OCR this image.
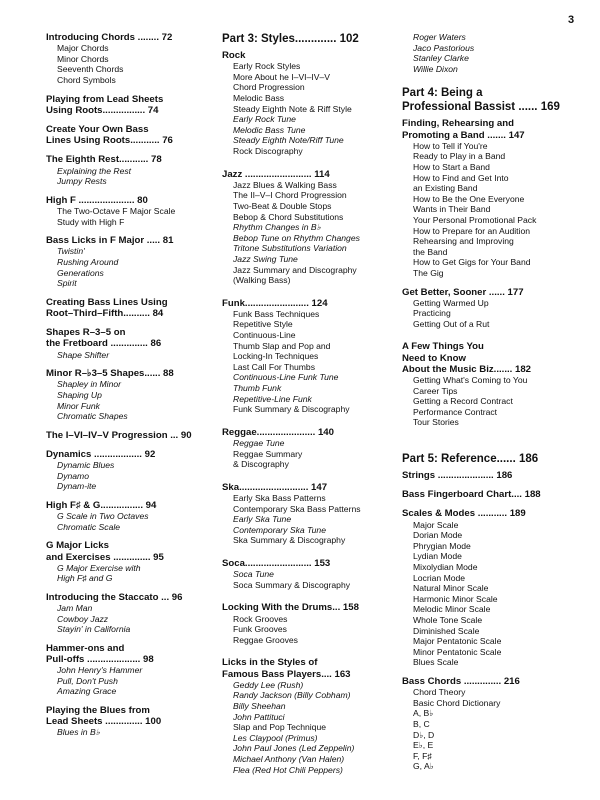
3
Introducing Chords ........ 72
Major Chords
Minor Chords
Seeventh Chords
Chord Symbols
Playing from Lead Sheets
Using Roots................ 74
Create Your Own Bass
Lines Using Roots........... 76
The Eighth Rest........... 78
Explaining the Rest
Jumpy Rests
High F ..................... 80
The Two-Octave F Major Scale
Study with High F
Bass Licks in F Major ..... 81
Twistin'
Rushing Around
Generations
Spirit
Creating Bass Lines Using
Root–Third–Fifth.......... 84
Shapes R–3–5 on
the Fretboard .............. 86
Shape Shifter
Minor R–♭3–5 Shapes...... 88
Shapley in Minor
Shaping Up
Minor Funk
Chromatic Shapes
The I–VI–IV–V Progression ... 90
Dynamics .................. 92
Dynamic Blues
Dynamo
Dynam-ite
High F♯ & G................ 94
G Scale in Two Octaves
Chromatic Scale
G Major Licks
and Exercises .............. 95
G Major Exercise with
High F♯ and G
Introducing the Staccato ... 96
Jam Man
Cowboy Jazz
Stayin' in California
Hammer-ons and
Pull-offs .................... 98
John Henry's Hammer
Pull, Don't Push
Amazing Grace
Playing the Blues from
Lead Sheets .............. 100
Blues in B♭
Part 3: Styles............. 102
Rock
Early Rock Styles
More About he I–VI–IV–V
Chord Progression
Melodic Bass
Steady Eighth Note & Riff Style
Early Rock Tune
Melodic Bass Tune
Steady Eighth Note/Riff Tune
Rock Discography
Jazz ......................... 114
Jazz Blues & Walking Bass
The II–V–I Chord Progression
Two-Beat & Double Stops
Bebop & Chord Substitutions
Rhythm Changes in B♭
Bebop Tune on Rhythm Changes
Tritone Substitutions Variation
Jazz Swing Tune
Jazz Summary and Discography
(Walking Bass)
Funk........................ 124
Funk Bass Techniques
Repetitive Style
Continuous-Line
Thumb Slap and Pop and
Locking-In Techniques
Last Call For Thumbs
Continuous-Line Funk Tune
Thumb Funk
Repetitive-Line Funk
Funk Summary & Discography
Reggae...................... 140
Reggae Tune
Reggae Summary
& Discography
Ska.......................... 147
Early Ska Bass Patterns
Contemporary Ska Bass Patterns
Early Ska Tune
Contemporary Ska Tune
Ska Summary & Discography
Soca......................... 153
Soca Tune
Soca Summary & Discography
Locking With the Drums... 158
Rock Grooves
Funk Grooves
Reggae Grooves
Licks in the Styles of
Famous Bass Players.... 163
Geddy Lee (Rush)
Randy Jackson (Billy Cobham)
Billy Sheehan
John Pattituci
Slap and Pop Technique
Les Claypool (Primus)
John Paul Jones (Led Zeppelin)
Michael Anthony (Van Halen)
Flea (Red Hot Chili Peppers)
Roger Waters
Jaco Pastorious
Stanley Clarke
Willie Dixon
Part 4: Being a
Professional Bassist ...... 169
Finding, Rehearsing and
Promoting a Band ....... 147
How to Tell if You're
Ready to Play in a Band
How to Start a Band
How to Find and Get Into
an Existing Band
How to Be the One Everyone
Wants in Their Band
Your Personal Promotional Pack
How to Prepare for an Audition
Rehearsing and Improving
the Band
How to Get Gigs for Your Band
The Gig
Get Better, Sooner ...... 177
Getting Warmed Up
Practicing
Getting Out of a Rut
A Few Things You
Need to Know
About the Music Biz....... 182
Getting What's Coming to You
Career Tips
Getting a Record Contract
Performance Contract
Tour Stories
Part 5: Reference...... 186
Strings ..................... 186
Bass Fingerboard Chart.... 188
Scales & Modes ........... 189
Major Scale
Dorian Mode
Phrygian Mode
Lydian Mode
Mixolydian Mode
Locrian Mode
Natural Minor Scale
Harmonic Minor Scale
Melodic Minor Scale
Whole Tone Scale
Diminished Scale
Major Pentatonic Scale
Minor Pentatonic Scale
Blues Scale
Bass Chords .............. 216
Chord Theory
Basic Chord Dictionary
A, B♭
B, C
D♭, D
E♭, E
F, F♯
G, A♭
